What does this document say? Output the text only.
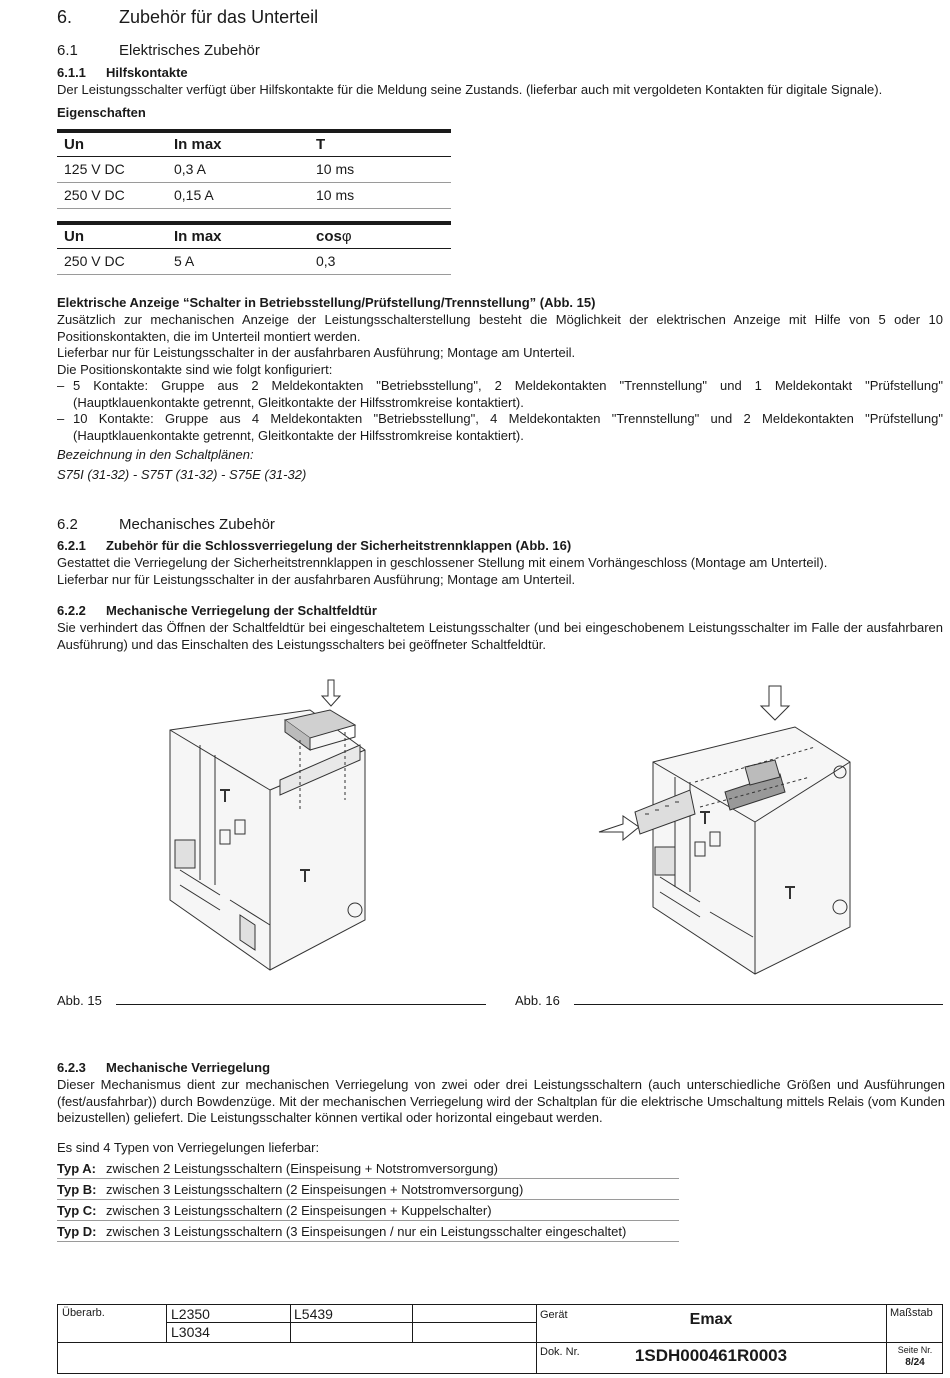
6.	Zubehör für das Unterteil
6.1	Elektrisches Zubehör
6.1.1 Hilfskontakte
Der Leistungsschalter verfügt über Hilfskontakte für die Meldung seine Zustands. (lieferbar auch mit vergoldeten Kontakten für digitale Signale).
Eigenschaften
Un	In max	T
125 V DC	0,3 A	10 ms
250 V DC	0,15 A	10 ms
Un	In max	cosφ
250 V DC	5 A	0,3
Elektrische Anzeige “Schalter in Betriebsstellung/Prüfstellung/Trennstellung” (Abb. 15)
Zusätzlich zur mechanischen Anzeige der Leistungsschalterstellung besteht die Möglichkeit der elektrischen Anzeige mit Hilfe von 5 oder 10 Positionskontakten, die im Unterteil montiert werden.
Lieferbar nur für Leistungsschalter in der ausfahrbaren Ausführung; Montage am Unterteil.
Die Positionskontakte sind wie folgt konfiguriert:
– 5 Kontakte: Gruppe aus 2 Meldekontakten "Betriebsstellung", 2 Meldekontakten "Trennstellung" und 1 Meldekontakt "Prüfstellung" (Hauptklauenkontakte getrennt, Gleitkontakte der Hilfsstromkreise kontaktiert).
– 10 Kontakte: Gruppe aus 4 Meldekontakten "Betriebsstellung", 4 Meldekontakten "Trennstellung" und 2 Meldekontakten "Prüfstellung" (Hauptklauenkontakte getrennt, Gleitkontakte der Hilfsstromkreise kontaktiert).
Bezeichnung in den Schaltplänen:
S75I (31-32) - S75T (31-32) - S75E (31-32)
6.2	Mechanisches Zubehör
6.2.1 Zubehör für die Schlossverriegelung der Sicherheitstrennklappen (Abb. 16)
Gestattet die Verriegelung der Sicherheitstrennklappen in geschlossener Stellung mit einem Vorhängeschloss (Montage am Unterteil).
Lieferbar nur für Leistungsschalter in der ausfahrbaren Ausführung; Montage am Unterteil.
6.2.2 Mechanische Verriegelung der Schaltfeldtür
Sie verhindert das Öffnen der Schaltfeldtür bei eingeschaltetem Leistungsschalter (und bei eingeschobenem Leistungsschalter im Falle der ausfahrbaren Ausführung) und das Einschalten des Leistungsschalters bei geöffneter Schaltfeldtür.
Abb. 15	Abb. 16
6.2.3 Mechanische Verriegelung
Dieser Mechanismus dient zur mechanischen Verriegelung von zwei oder drei Leistungsschaltern (auch unterschiedliche Größen und Ausführungen (fest/ausfahrbar)) durch Bowdenzüge. Mit der mechanischen Verriegelung wird der Schaltplan für die elektrische Umschaltung mittels Relais (vom Kunden beizustellen) geliefert. Die Leistungsschalter können vertikal oder horizontal eingebaut werden.
Es sind 4 Typen von Verriegelungen lieferbar:
Typ A: zwischen 2 Leistungsschaltern (Einspeisung + Notstromversorgung)
Typ B: zwischen 3 Leistungsschaltern (2 Einspeisungen + Notstromversorgung)
Typ C: zwischen 3 Leistungsschaltern (2 Einspeisungen + Kuppelschalter)
Typ D: zwischen 3 Leistungsschaltern (3 Einspeisungen / nur ein Leistungsschalter eingeschaltet)
Überarb.	L2350	L5439
L3034
Gerät	Emax	Maßstab
Dok. Nr.	1SDH000461R0003	Seite Nr.
8/24
